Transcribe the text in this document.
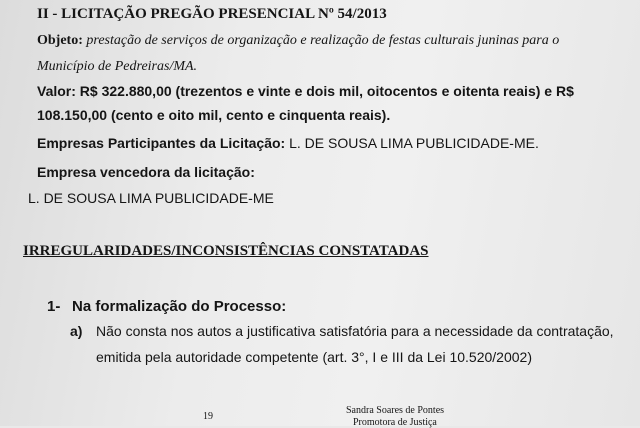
II - LICITAÇÃO PREGÃO PRESENCIAL Nº 54/2013
Objeto: prestação de serviços de organização e realização de festas culturais juninas para o
Município de Pedreiras/MA.
Valor: R$ 322.880,00 (trezentos e vinte e dois mil, oitocentos e oitenta reais) e R$
108.150,00 (cento e oito mil, cento e cinquenta reais).
Empresas Participantes da Licitação: L. DE SOUSA LIMA PUBLICIDADE-ME.
Empresa vencedora da licitação:
L. DE SOUSA LIMA PUBLICIDADE-ME
IRREGULARIDADES/INCONSISTÊNCIAS CONSTATADAS
1- Na formalização do Processo:
a) Não consta nos autos a justificativa satisfatória para a necessidade da contratação,
emitida pela autoridade competente (art. 3°, I e III da Lei 10.520/2002)
19
Sandra Soares de Pontes
Promotora de Justiça
